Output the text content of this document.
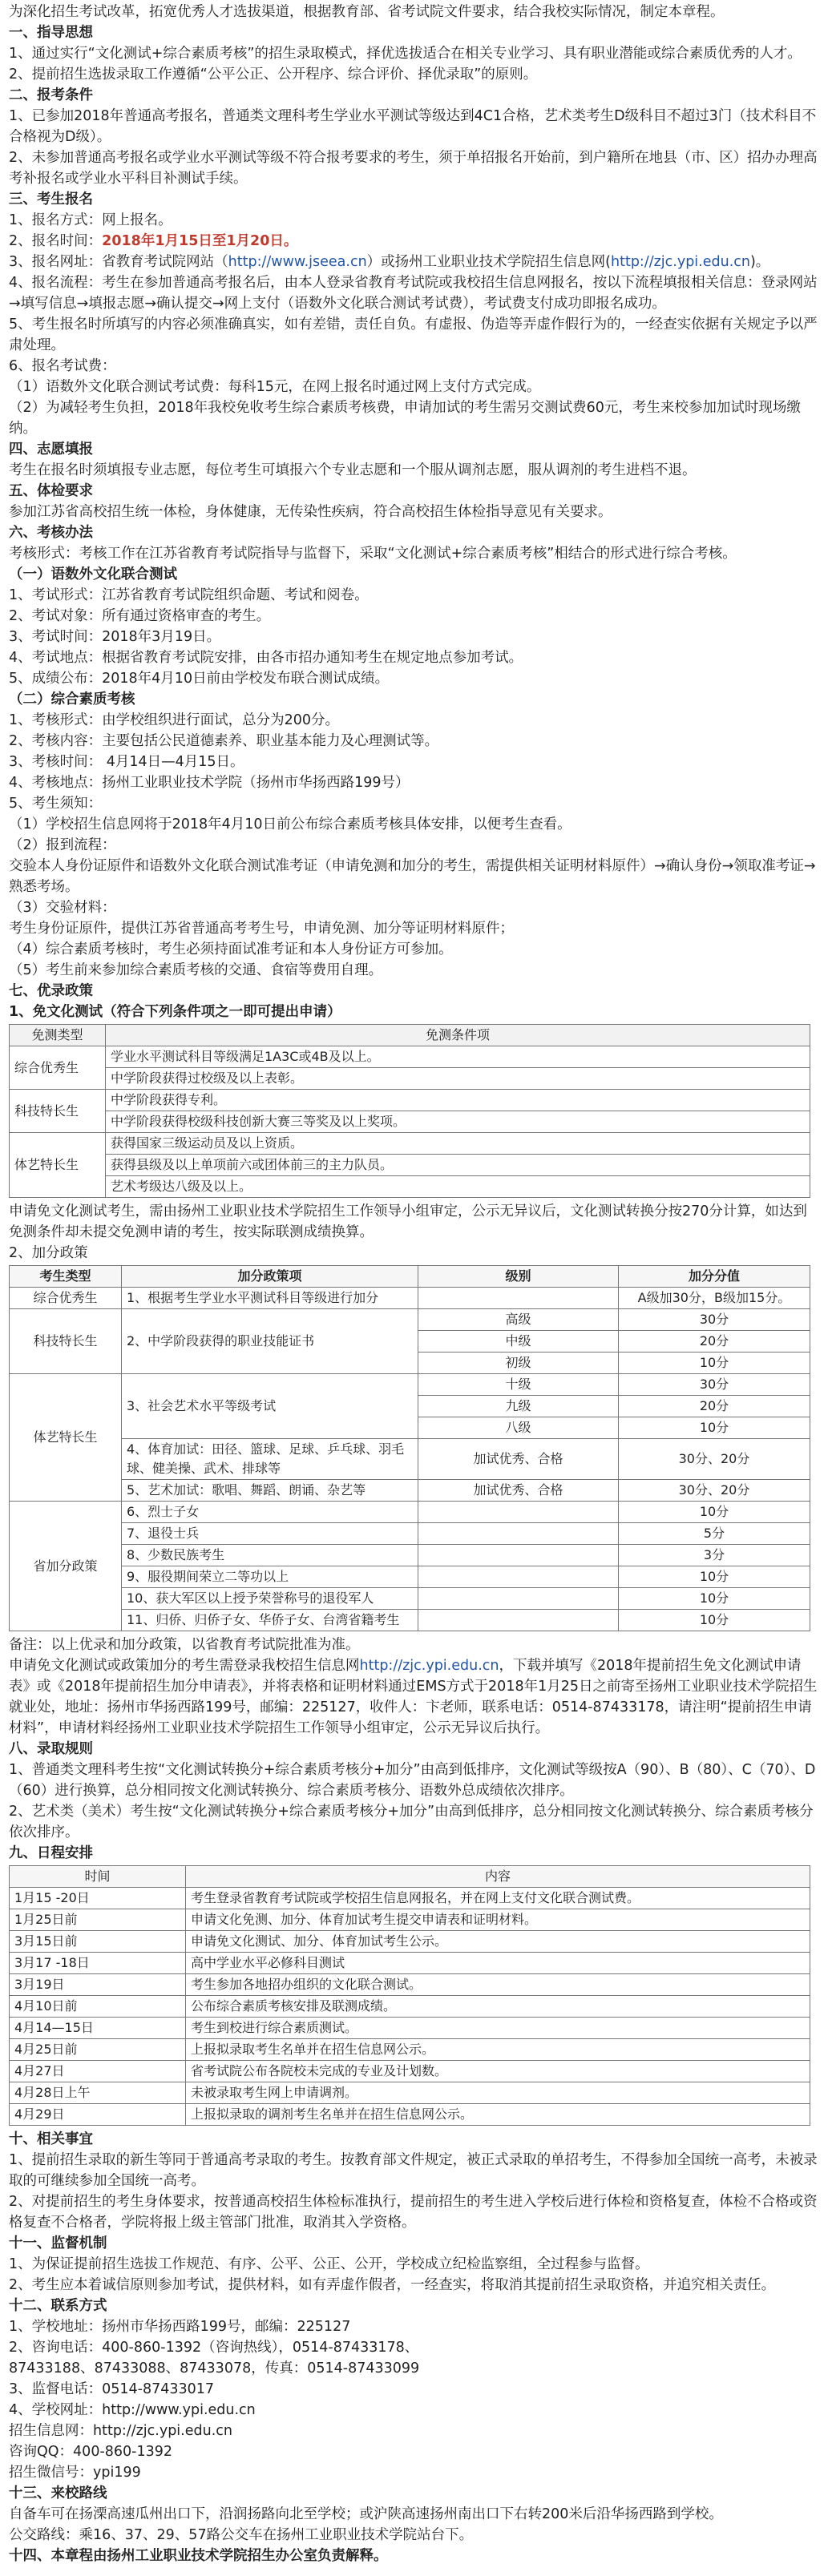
为深化招生考试改革，拓宽优秀人才选拔渠道，根据教育部、省考试院文件要求，结合我校实际情况，制定本章程。

一、指导思想

1、通过实行“文化测试+综合素质考核”的招生录取模式，择优选拔适合在相关专业学习、具有职业潜能或综合素质优秀的人才。

2、提前招生选拔录取工作遵循“公平公正、公开程序、综合评价、择优录取”的原则。

二、报考条件

1、已参加2018年普通高考报名，普通类文理科考生学业水平测试等级达到4C1合格，艺术类考生D级科目不超过3门（技术科目不合格视为D级）。

2、未参加普通高考报名或学业水平测试等级不符合报考要求的考生，须于单招报名开始前，到户籍所在地县（市、区）招办办理高考补报名或学业水平科目补测试手续。

三、考生报名

1、报名方式：网上报名。

2、报名时间：2018年1月15日至1月20日。

3、报名网址：省教育考试院网站（http://www.jseea.cn）或扬州工业职业技术学院招生信息网(http://zjc.ypi.edu.cn)。

4、报名流程：考生在参加普通高考报名后，由本人登录省教育考试院或我校招生信息网报名，按以下流程填报相关信息：登录网站→填写信息→填报志愿→确认提交→网上支付（语数外文化联合测试考试费），考试费支付成功即报名成功。

5、考生报名时所填写的内容必须准确真实，如有差错，责任自负。有虚报、伪造等弄虚作假行为的，一经查实依据有关规定予以严肃处理。

6、报名考试费：

（1）语数外文化联合测试考试费：每科15元，在网上报名时通过网上支付方式完成。

（2）为减轻考生负担，2018年我校免收考生综合素质考核费，申请加试的考生需另交测试费60元，考生来校参加加试时现场缴纳。

四、志愿填报

考生在报名时须填报专业志愿，每位考生可填报六个专业志愿和一个服从调剂志愿，服从调剂的考生进档不退。

五、体检要求

参加江苏省高校招生统一体检，身体健康，无传染性疾病，符合高校招生体检指导意见有关要求。

六、考核办法

考核形式：考核工作在江苏省教育考试院指导与监督下，采取“文化测试+综合素质考核”相结合的形式进行综合考核。

（一）语数外文化联合测试

1、考试形式：江苏省教育考试院组织命题、考试和阅卷。

2、考试对象：所有通过资格审查的考生。

3、考试时间：2018年3月19日。

4、考试地点：根据省教育考试院安排，由各市招办通知考生在规定地点参加考试。

5、成绩公布：2018年4月10日前由学校发布联合测试成绩。

（二）综合素质考核

1、考核形式：由学校组织进行面试，总分为200分。

2、考核内容：主要包括公民道德素养、职业基本能力及心理测试等。

3、考核时间： 4月14日—4月15日。

4、考核地点：扬州工业职业技术学院（扬州市华扬西路199号）

5、考生须知：

（1）学校招生信息网将于2018年4月10日前公布综合素质考核具体安排，以便考生查看。

（2）报到流程：

交验本人身份证原件和语数外文化联合测试准考证（申请免测和加分的考生，需提供相关证明材料原件）→确认身份→领取准考证→熟悉考场。

（3）交验材料：

考生身份证原件，提供江苏省普通高考考生号，申请免测、加分等证明材料原件；

（4）综合素质考核时，考生必须持面试准考证和本人身份证方可参加。

（5）考生前来参加综合素质考核的交通、食宿等费用自理。

七、优录政策

1、免文化测试（符合下列条件项之一即可提出申请）

免测类型	免测条件项
综合优秀生	学业水平测试科目等级满足1A3C或4B及以上。
	中学阶段获得过校级及以上表彰。
科技特长生	中学阶段获得专利。
	中学阶段获得校级科技创新大赛三等奖及以上奖项。
体艺特长生	获得国家三级运动员及以上资质。
	获得县级及以上单项前六或团体前三的主力队员。
	艺术考级达八级及以上。

申请免文化测试考生，需由扬州工业职业技术学院招生工作领导小组审定，公示无异议后，文化测试转换分按270分计算，如达到免测条件却未提交免测申请的考生，按实际联测成绩换算。

2、加分政策

考生类型	加分政策项	级别	加分分值
综合优秀生	1、根据考生学业水平测试科目等级进行加分		A级加30分，B级加15分。
科技特长生	2、中学阶段获得的职业技能证书	高级	30分
		中级	20分
		初级	10分
体艺特长生	3、社会艺术水平等级考试	十级	30分
		九级	20分
		八级	10分
	4、体育加试：田径、篮球、足球、乒乓球、羽毛球、健美操、武术、排球等	加试优秀、合格	30分、20分
	5、艺术加试：歌唱、舞蹈、朗诵、杂艺等	加试优秀、合格	30分、20分
省加分政策	6、烈士子女		10分
	7、退役士兵		5分
	8、少数民族考生		3分
	9、服役期间荣立二等功以上		10分
	10、获大军区以上授予荣誉称号的退役军人		10分
	11、归侨、归侨子女、华侨子女、台湾省籍考生		10分

备注：以上优录和加分政策，以省教育考试院批准为准。

申请免文化测试或政策加分的考生需登录我校招生信息网http://zjc.ypi.edu.cn，下载并填写《2018年提前招生免文化测试申请表》或《2018年提前招生加分申请表》，并将表格和证明材料通过EMS方式于2018年1月25日之前寄至扬州工业职业技术学院招生就业处，地址：扬州市华扬西路199号，邮编：225127，收件人：卞老师，联系电话：0514-87433178，请注明“提前招生申请材料”，申请材料经扬州工业职业技术学院招生工作领导小组审定，公示无异议后执行。

八、录取规则

1、普通类文理科考生按“文化测试转换分+综合素质考核分+加分”由高到低排序，文化测试等级按A（90）、B（80）、C（70）、D（60）进行换算，总分相同按文化测试转换分、综合素质考核分、语数外总成绩依次排序。

2、艺术类（美术）考生按“文化测试转换分+综合素质考核分+加分”由高到低排序，总分相同按文化测试转换分、综合素质考核分依次排序。

九、日程安排

时间	内容
1月15 -20日	考生登录省教育考试院或学校招生信息网报名，并在网上支付文化联合测试费。
1月25日前	申请文化免测、加分、体育加试考生提交申请表和证明材料。
3月15日前	申请免文化测试、加分、体育加试考生公示。
3月17 -18日	高中学业水平必修科目测试
3月19日	考生参加各地招办组织的文化联合测试。
4月10日前	公布综合素质考核安排及联测成绩。
4月14—15日	考生到校进行综合素质测试。
4月25日前	上报拟录取考生名单并在招生信息网公示。
4月27日	省考试院公布各院校未完成的专业及计划数。
4月28日上午	未被录取考生网上申请调剂。
4月29日	上报拟录取的调剂考生名单并在招生信息网公示。

十、相关事宜

1、提前招生录取的新生等同于普通高考录取的考生。按教育部文件规定，被正式录取的单招考生，不得参加全国统一高考，未被录取的可继续参加全国统一高考。

2、对提前招生的考生身体要求，按普通高校招生体检标准执行，提前招生的考生进入学校后进行体检和资格复查，体检不合格或资格复查不合格者，学院将报上级主管部门批准，取消其入学资格。

十一、监督机制

1、为保证提前招生选拔工作规范、有序、公平、公正、公开，学校成立纪检监察组，全过程参与监督。

2、考生应本着诚信原则参加考试，提供材料，如有弄虚作假者，一经查实，将取消其提前招生录取资格，并追究相关责任。

十二、联系方式

1、学校地址：扬州市华扬西路199号，邮编：225127

2、咨询电话：400-860-1392（咨询热线），0514-87433178、

87433188、87433088、87433078，传真：0514-87433099

3、监督电话：0514-87433017

4、学校网址：http://www.ypi.edu.cn

招生信息网：http://zjc.ypi.edu.cn

咨询QQ：400-860-1392

招生微信号：ypi199

十三、来校路线

自备车可在扬溧高速瓜州出口下，沿润扬路向北至学校；或沪陕高速扬州南出口下右转200米后沿华扬西路到学校。

公交路线：乘16、37、29、57路公交车在扬州工业职业技术学院站台下。

十四、本章程由扬州工业职业技术学院招生办公室负责解释。
